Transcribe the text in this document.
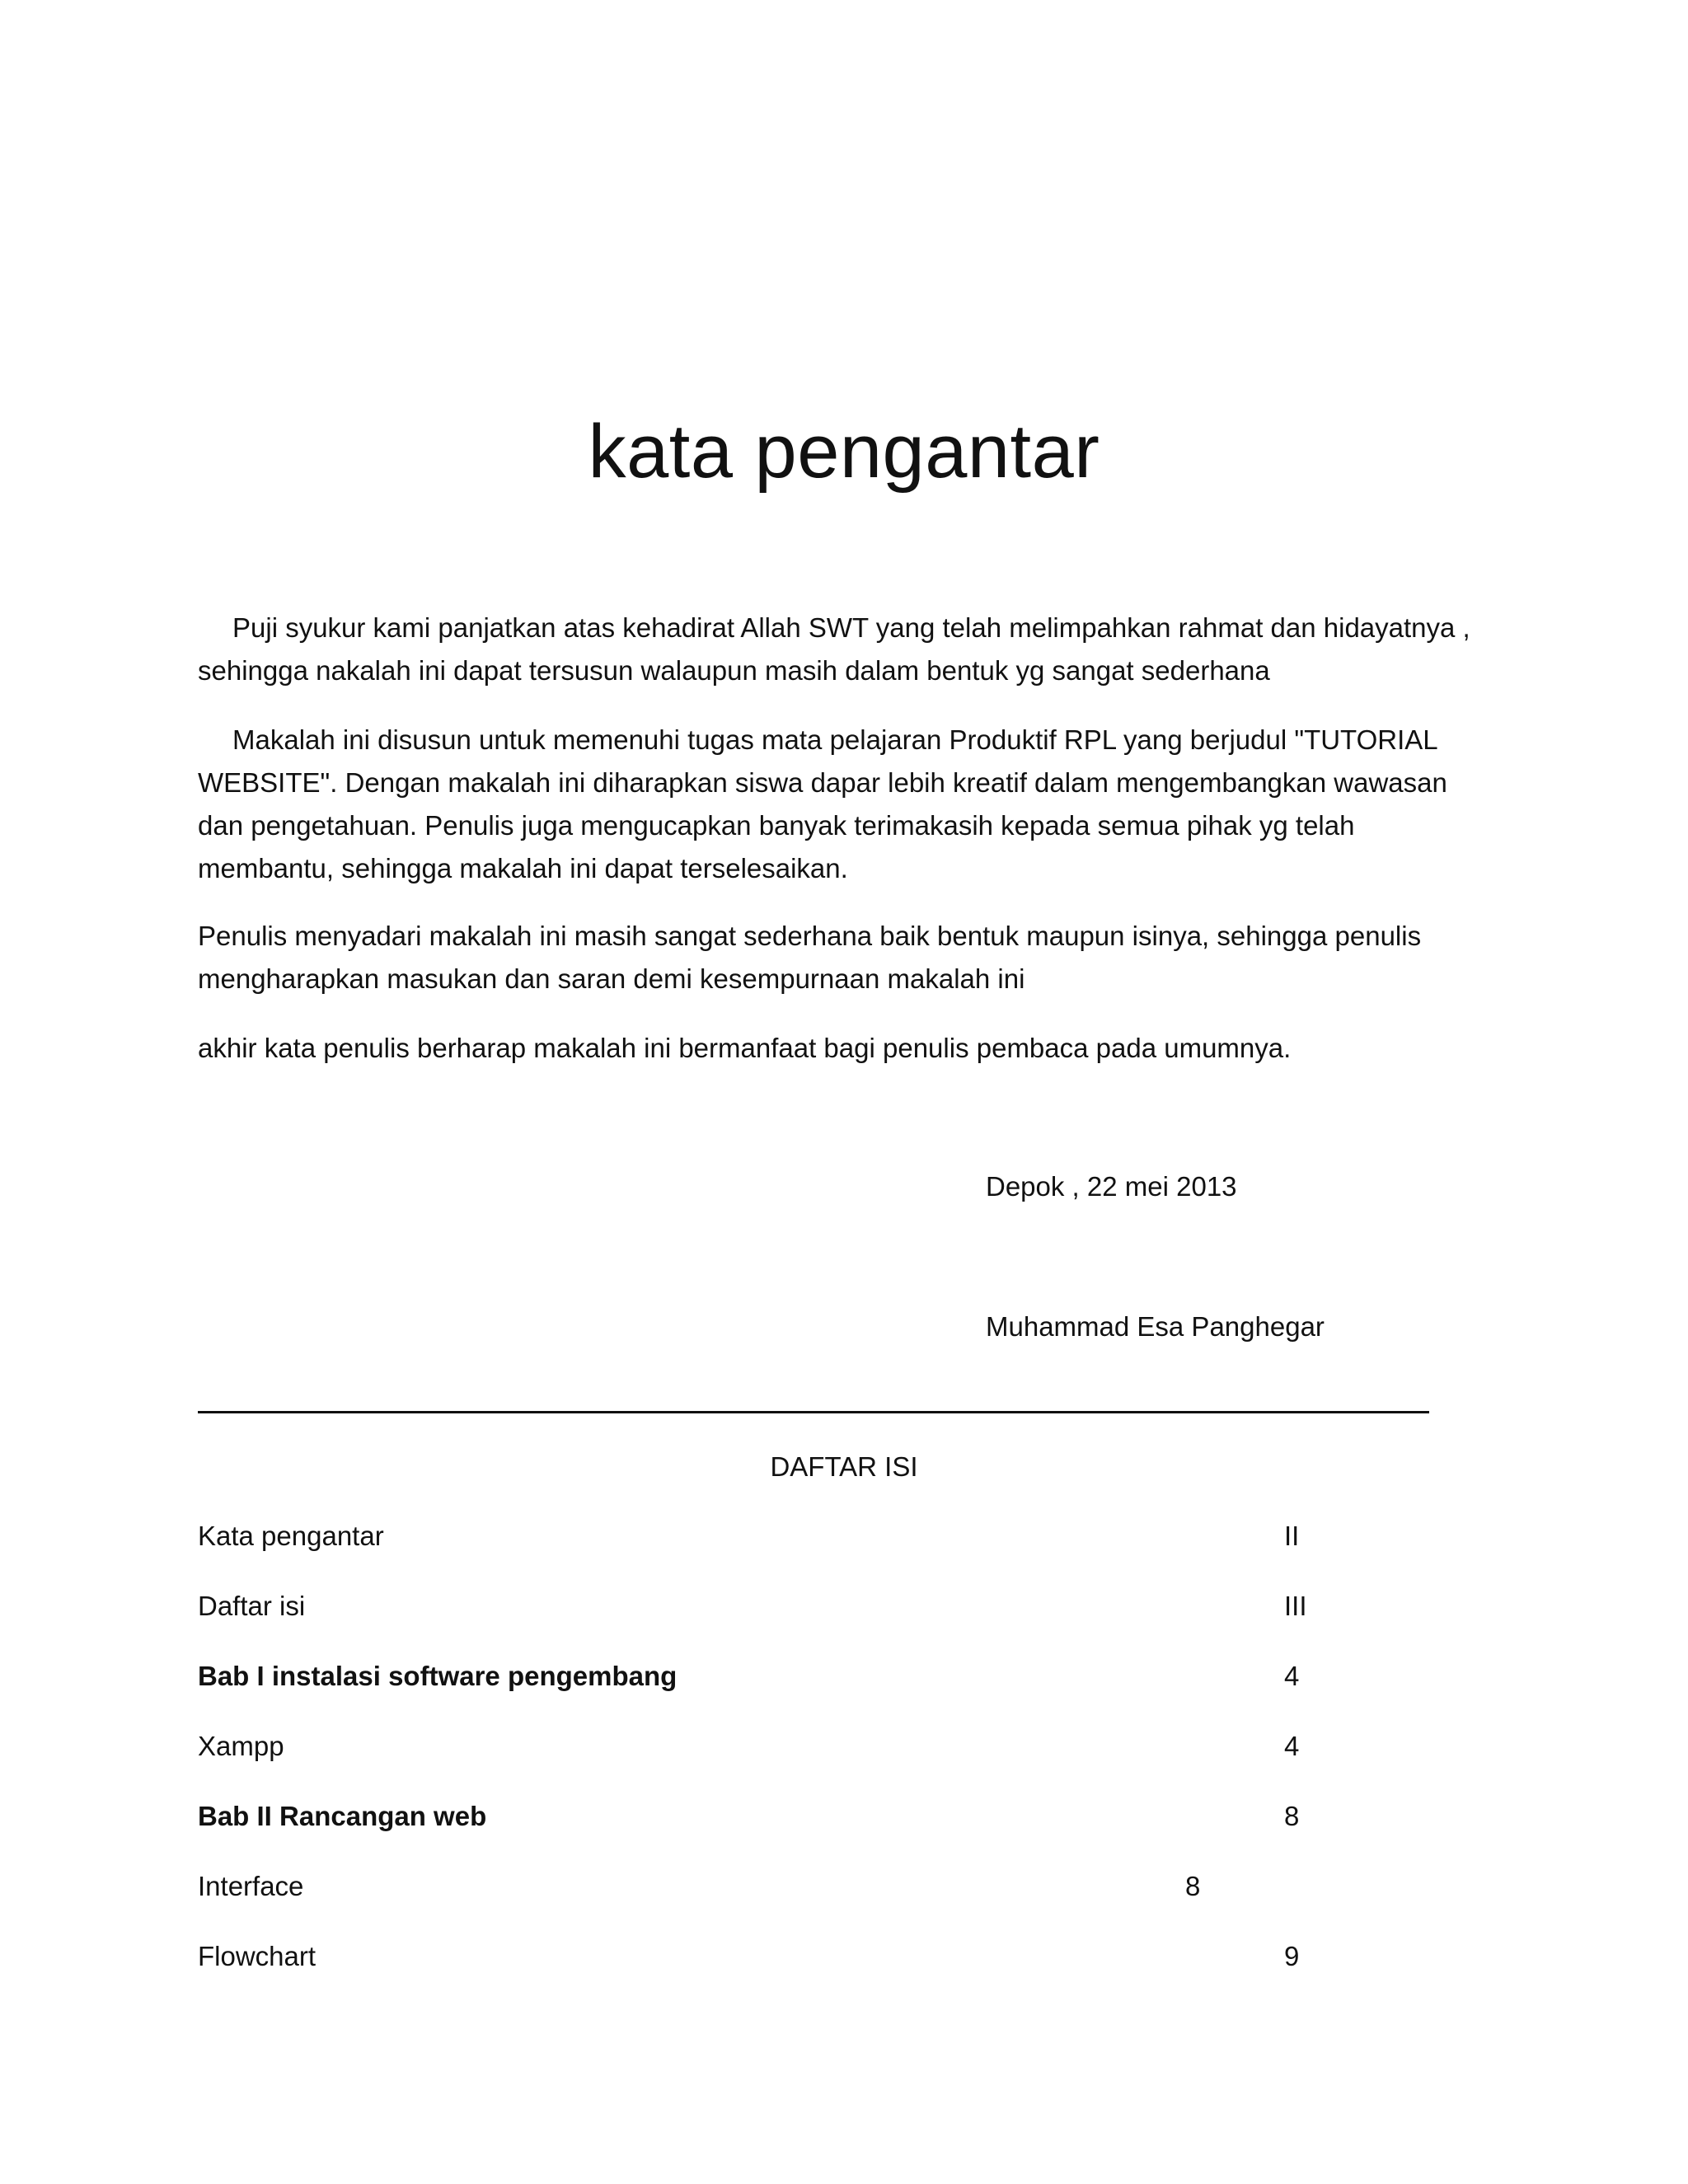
kata pengantar

Puji syukur kami panjatkan atas kehadirat Allah SWT yang telah melimpahkan rahmat dan hidayatnya , sehingga nakalah ini dapat tersusun walaupun masih dalam bentuk yg sangat sederhana

Makalah ini disusun untuk memenuhi tugas mata pelajaran Produktif RPL yang berjudul "TUTORIAL WEBSITE". Dengan makalah ini diharapkan siswa dapar lebih kreatif dalam mengembangkan wawasan dan pengetahuan. Penulis juga mengucapkan banyak terimakasih kepada semua pihak yg telah membantu, sehingga makalah ini dapat terselesaikan.

Penulis menyadari makalah ini masih sangat sederhana baik bentuk maupun isinya, sehingga penulis mengharapkan masukan dan saran demi kesempurnaan makalah ini

akhir kata penulis berharap makalah ini bermanfaat bagi penulis pembaca pada umumnya.

Depok , 22 mei 2013
Muhammad Esa Panghegar
DAFTAR ISI
Kata pengantar	II
Daftar isi	III
Bab I instalasi software pengembang	4
Xampp	4
Bab II Rancangan web	8
Interface	8
Flowchart	9
